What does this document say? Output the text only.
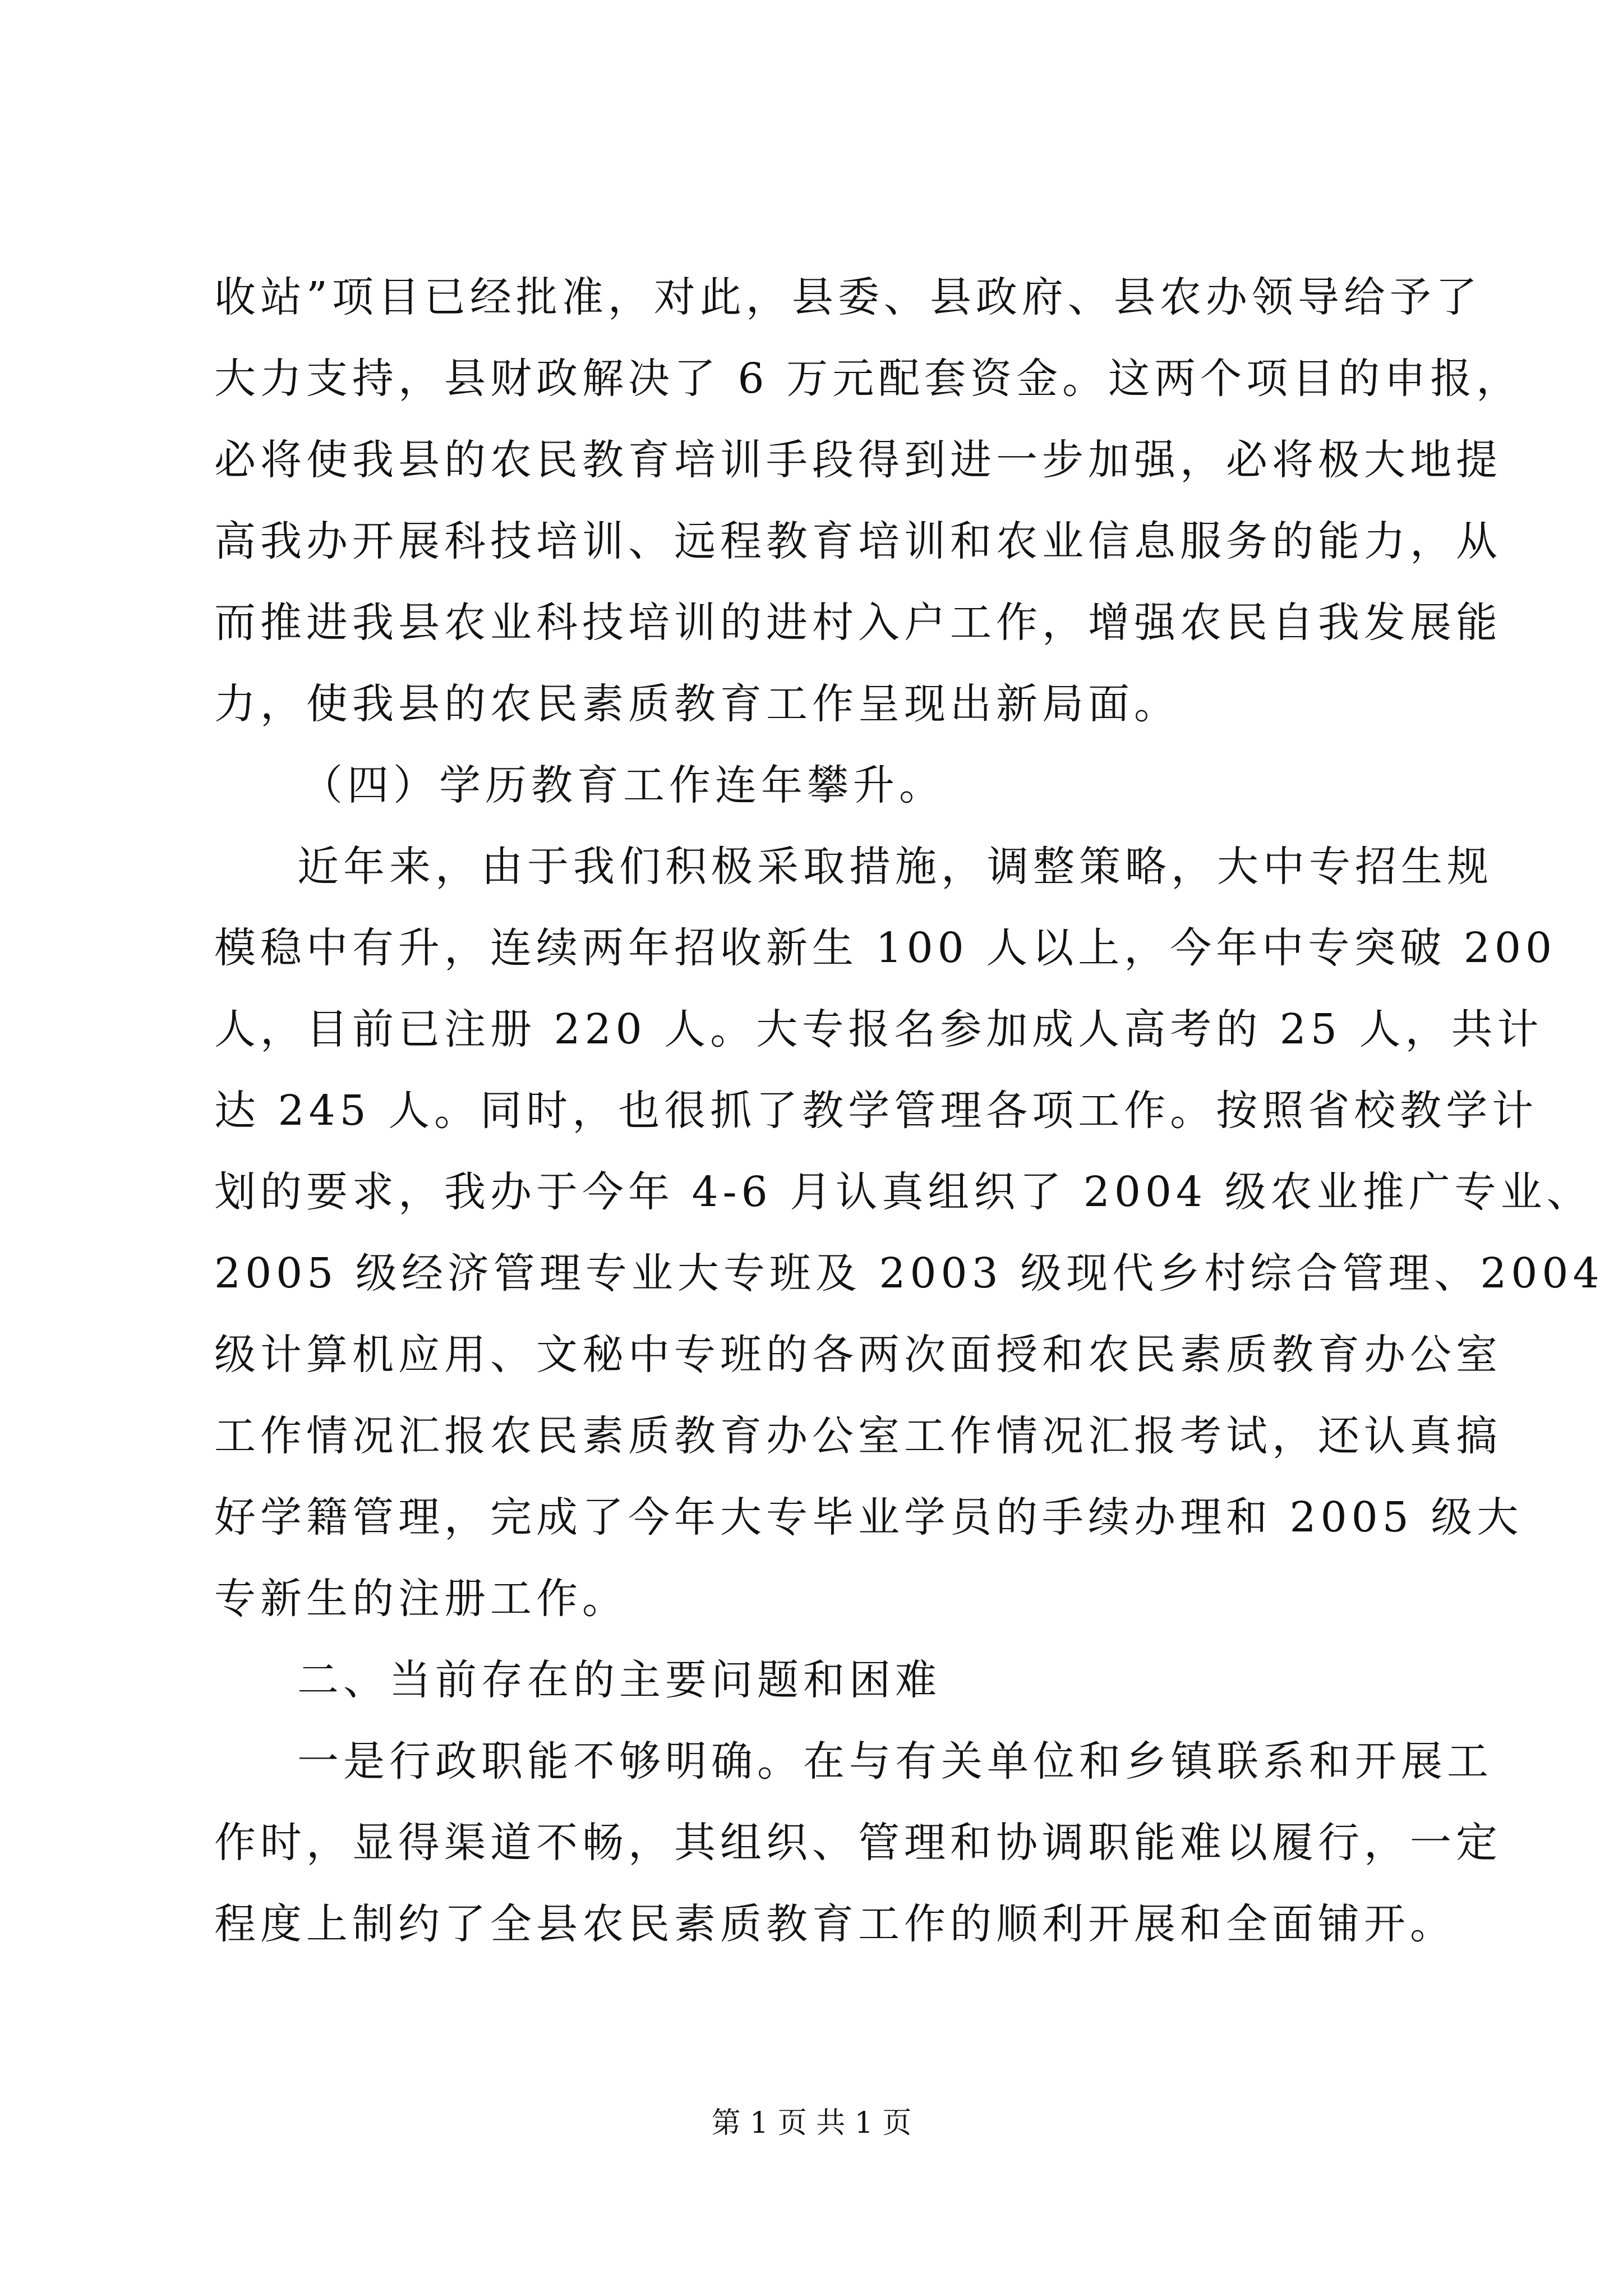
收站”项目已经批准，对此，县委、县政府、县农办领导给予了
大力支持，县财政解决了 6 万元配套资金。这两个项目的申报，
必将使我县的农民教育培训手段得到进一步加强，必将极大地提
高我办开展科技培训、远程教育培训和农业信息服务的能力，从
而推进我县农业科技培训的进村入户工作，增强农民自我发展能
力，使我县的农民素质教育工作呈现出新局面。
（四）学历教育工作连年攀升。
近年来，由于我们积极采取措施，调整策略，大中专招生规
模稳中有升，连续两年招收新生 100 人以上，今年中专突破 200
人，目前已注册 220 人。大专报名参加成人高考的 25 人，共计
达 245 人。同时，也很抓了教学管理各项工作。按照省校教学计
划的要求，我办于今年 4-6 月认真组织了 2004 级农业推广专业、
2005 级经济管理专业大专班及 2003 级现代乡村综合管理、2004
级计算机应用、文秘中专班的各两次面授和农民素质教育办公室
工作情况汇报农民素质教育办公室工作情况汇报考试，还认真搞
好学籍管理，完成了今年大专毕业学员的手续办理和 2005 级大
专新生的注册工作。
二、当前存在的主要问题和困难
一是行政职能不够明确。在与有关单位和乡镇联系和开展工
作时，显得渠道不畅，其组织、管理和协调职能难以履行，一定
程度上制约了全县农民素质教育工作的顺利开展和全面铺开。
第 1 页 共 1 页
